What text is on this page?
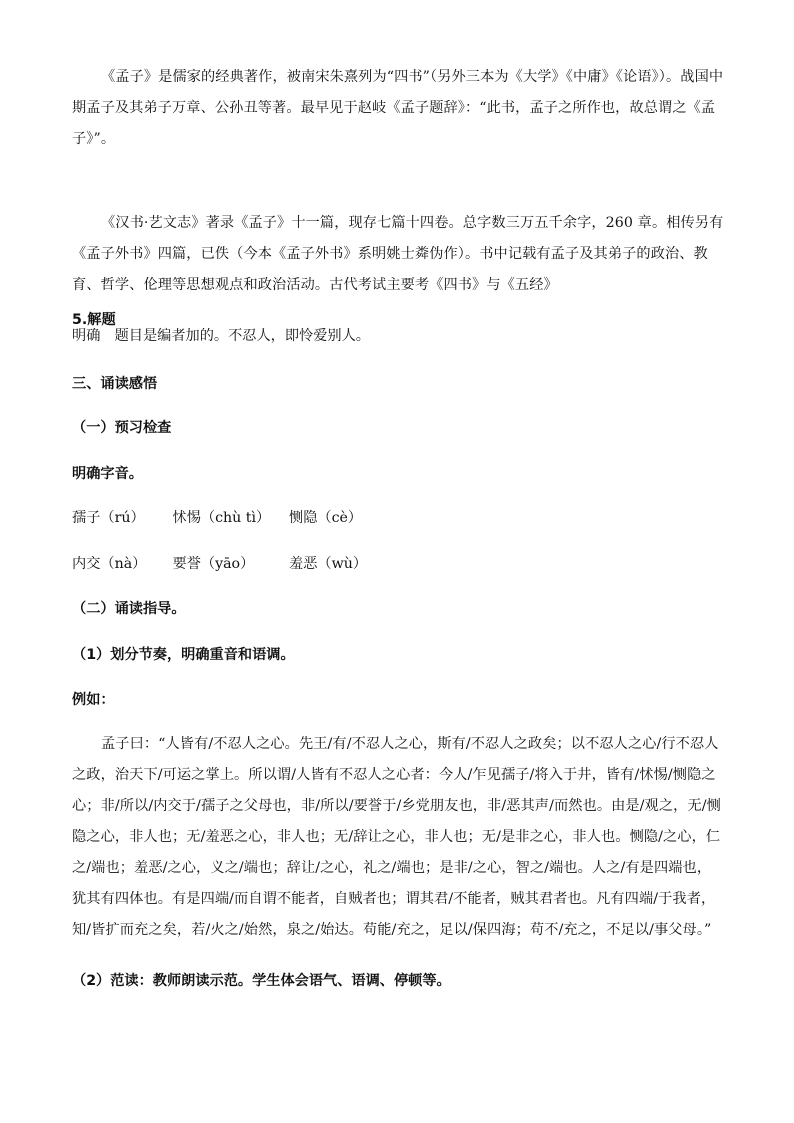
《孟子》是儒家的经典著作，被南宋朱熹列为“四书”（另外三本为《大学》《中庸》《论语》）。战国中期孟子及其弟子万章、公孙丑等著。最早见于赵岐《孟子题辞》：“此书，孟子之所作也，故总谓之《孟子》”。

《汉书·艺文志》著录《孟子》十一篇，现存七篇十四卷。总字数三万五千余字，260 章。相传另有《孟子外书》四篇，已佚（今本《孟子外书》系明姚士粦伪作）。书中记载有孟子及其弟子的政治、教育、哲学、伦理等思想观点和政治活动。古代考试主要考《四书》与《五经》

5.解题
明确　题目是编者加的。不忍人，即怜爱别人。
三、诵读感悟
（一）预习检查
明确字音。
孺子（rú） 怵惕（chù tì） 恻隐（cè）
内交（nà） 要誉（yāo） 羞恶（wù）
（二）诵读指导。
（1）划分节奏，明确重音和语调。
例如：

孟子曰：“人皆有/不忍人之心。先王/有/不忍人之心，斯有/不忍人之政矣；以不忍人之心/行不忍人之政，治天下/可运之掌上。所以谓/人皆有不忍人之心者：今人/乍见孺子/将入于井，皆有/怵惕/恻隐之心；非/所以/内交于/孺子之父母也，非/所以/要誉于/乡党朋友也，非/恶其声/而然也。由是/观之，无/恻隐之心，非人也；无/羞恶之心，非人也；无/辞让之心，非人也；无/是非之心，非人也。恻隐/之心，仁之/端也；羞恶/之心，义之/端也；辞让/之心，礼之/端也；是非/之心，智之/端也。人之/有是四端也，犹其有四体也。有是四端/而自谓不能者，自贼者也；谓其君/不能者，贼其君者也。凡有四端/于我者，知/皆扩而充之矣，若/火之/始然，泉之/始达。苟能/充之，足以/保四海；苟不/充之，不足以/事父母。”

（2）范读：教师朗读示范。学生体会语气、语调、停顿等。
